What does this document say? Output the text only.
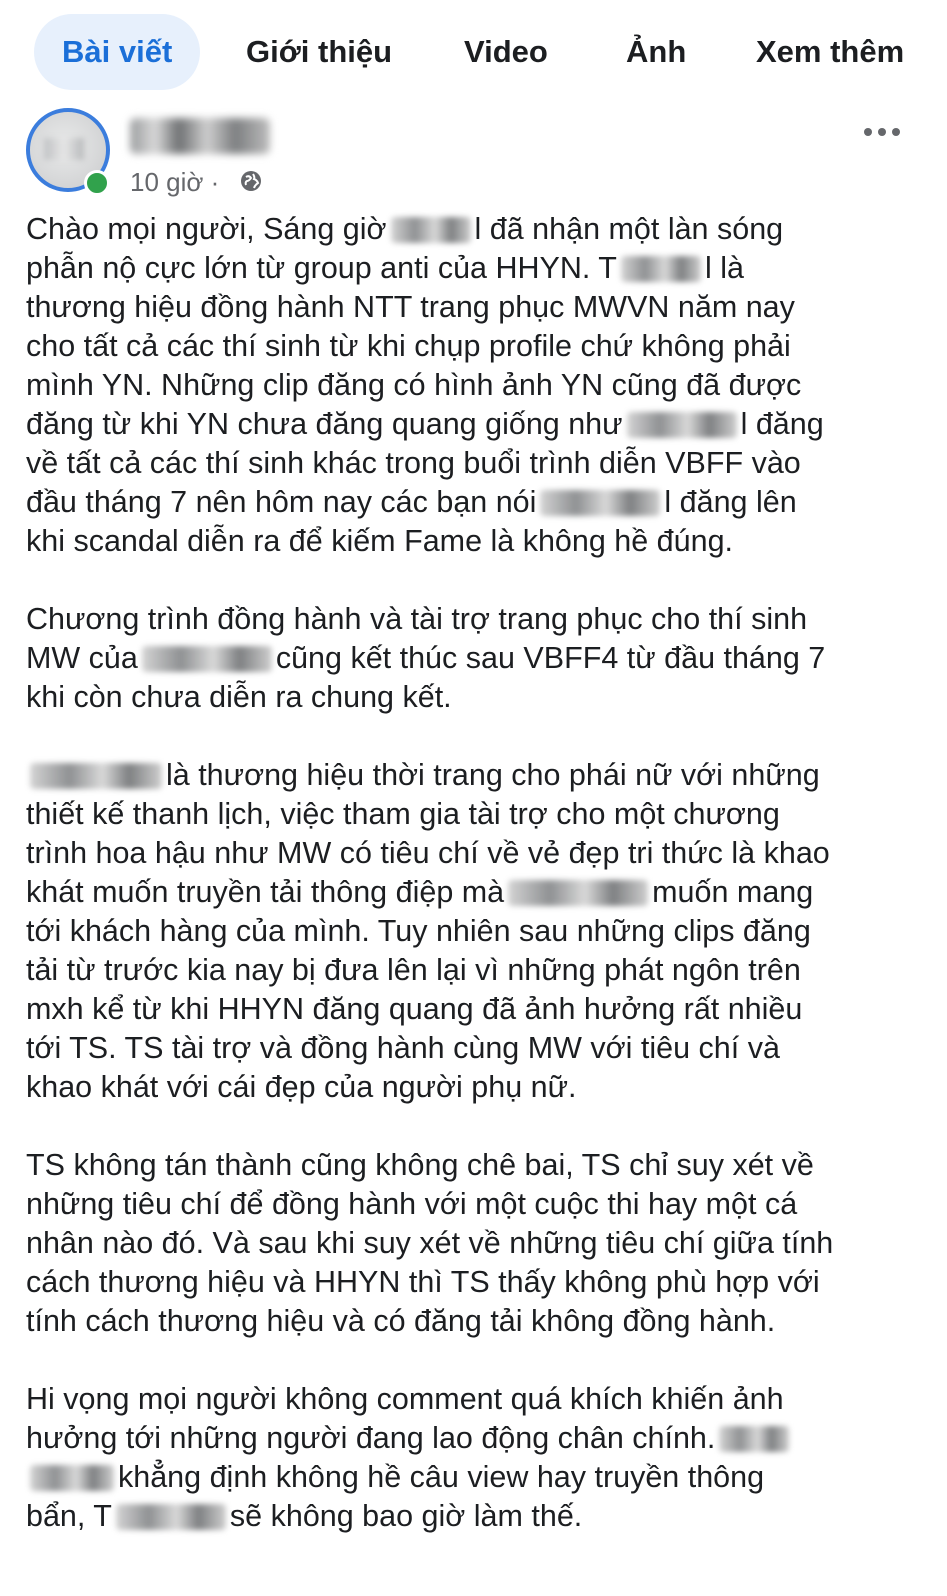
Bài viết	Giới thiệu Video	Ảnh Xem thêm
10 giờ ·
Chào mọi người, Sáng giờ	l đã nhận một làn sóng
phẫn nộ cực lớn từ group anti của HHYN. T	l là
thương hiệu đồng hành NTT trang phục MWVN năm nay
cho tất cả các thí sinh từ khi chụp profile chứ không phải
mình YN. Những clip đăng có hình ảnh YN cũng đã được
đăng từ khi YN chưa đăng quang giống như	l đăng
về tất cả các thí sinh khác trong buổi trình diễn VBFF vào
đầu tháng 7 nên hôm nay các bạn nói	l đăng lên
khi scandal diễn ra để kiếm Fame là không hề đúng.
Chương trình đồng hành và tài trợ trang phục cho thí sinh
MW của	cũng kết thúc sau VBFF4 từ đầu tháng 7
khi còn chưa diễn ra chung kết.
là thương hiệu thời trang cho phái nữ với những
thiết kế thanh lịch, việc tham gia tài trợ cho một chương
trình hoa hậu như MW có tiêu chí về vẻ đẹp tri thức là khao
khát muốn truyền tải thông điệp mà	muốn mang
tới khách hàng của mình. Tuy nhiên sau những clips đăng
tải từ trước kia nay bị đưa lên lại vì những phát ngôn trên
mxh kể từ khi HHYN đăng quang đã ảnh hưởng rất nhiều
tới TS. TS tài trợ và đồng hành cùng MW với tiêu chí và
khao khát với cái đẹp của người phụ nữ.
TS không tán thành cũng không chê bai, TS chỉ suy xét về
những tiêu chí để đồng hành với một cuộc thi hay một cá
nhân nào đó. Và sau khi suy xét về những tiêu chí giữa tính
cách thương hiệu và HHYN thì TS thấy không phù hợp với
tính cách thương hiệu và có đăng tải không đồng hành.
Hi vọng mọi người không comment quá khích khiến ảnh
hưởng tới những người đang lao động chân chính.
khẳng định không hề câu view hay truyền thông
bẩn, T	sẽ không bao giờ làm thế.
